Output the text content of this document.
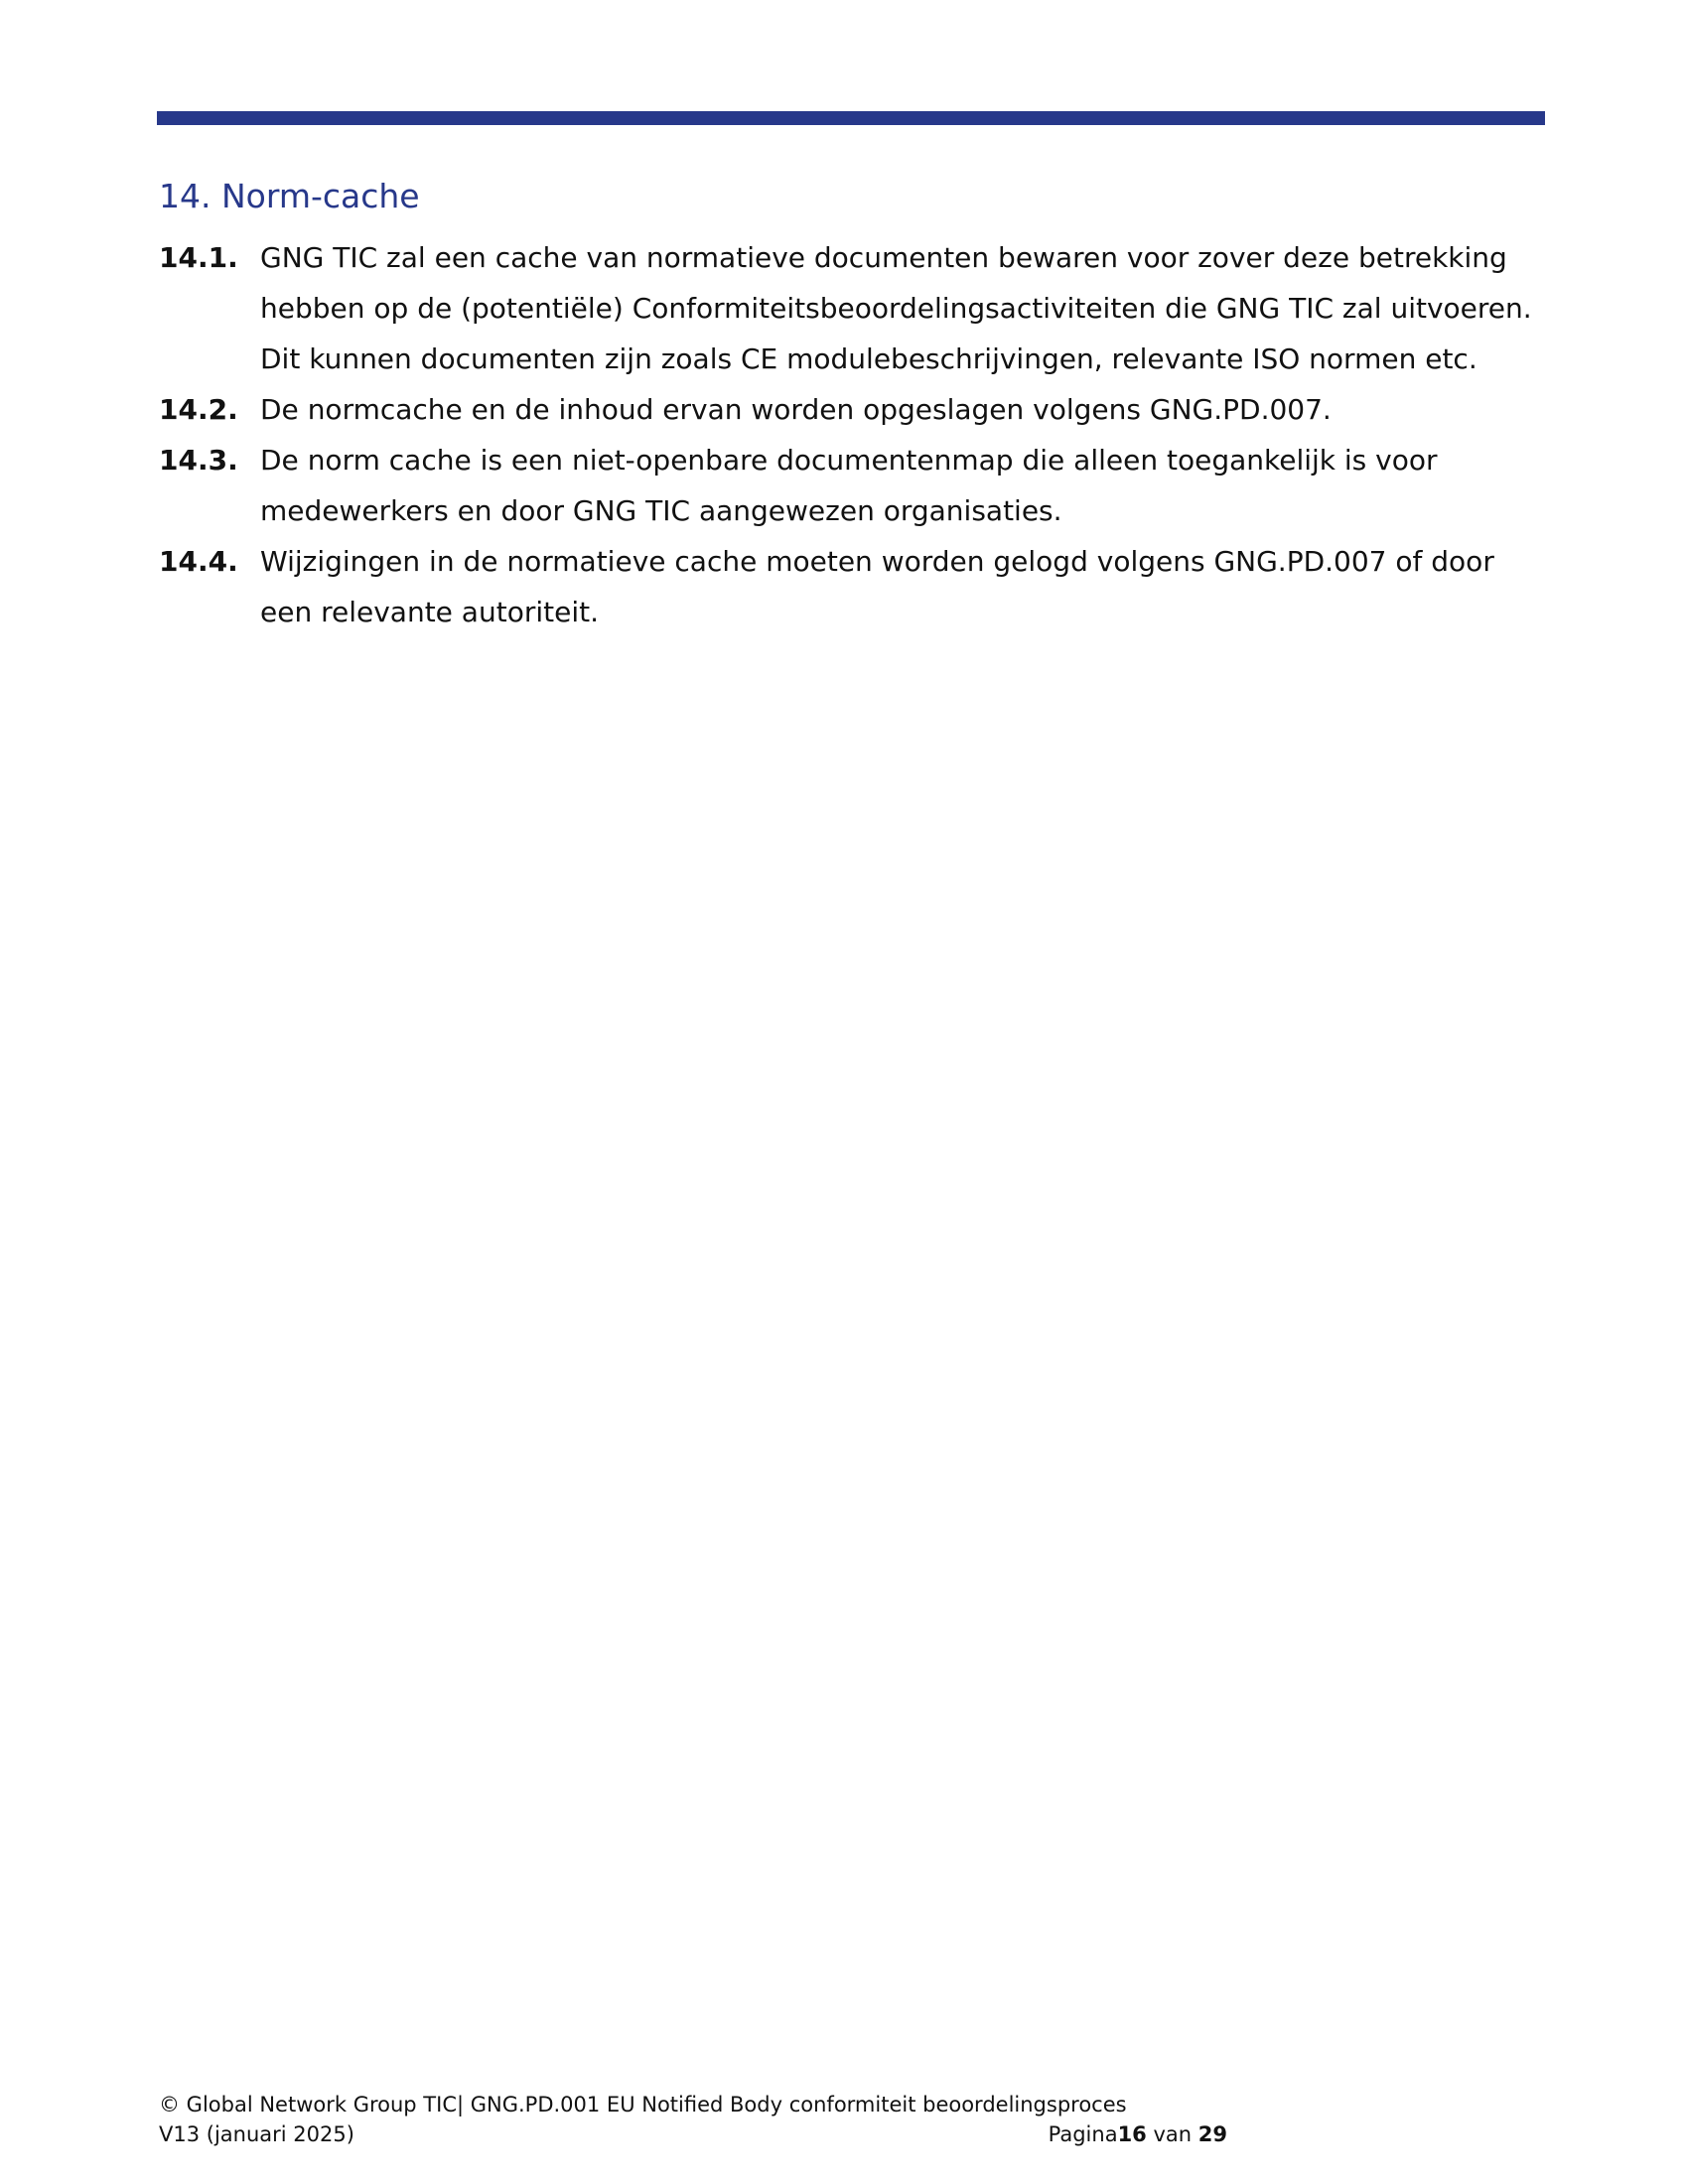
14. Norm-cache
14.1. GNG TIC zal een cache van normatieve documenten bewaren voor zover deze betrekking hebben op de (potentiële) Conformiteitsbeoordelingsactiviteiten die GNG TIC zal uitvoeren. Dit kunnen documenten zijn zoals CE modulebeschrijvingen, relevante ISO normen etc.
14.2. De normcache en de inhoud ervan worden opgeslagen volgens GNG.PD.007.
14.3. De norm cache is een niet-openbare documentenmap die alleen toegankelijk is voor medewerkers en door GNG TIC aangewezen organisaties.
14.4. Wijzigingen in de normatieve cache moeten worden gelogd volgens GNG.PD.007 of door een relevante autoriteit.
© Global Network Group TIC| GNG.PD.001 EU Notified Body conformiteit beoordelingsproces
V13 (januari 2025)	Pagina16 van 29
